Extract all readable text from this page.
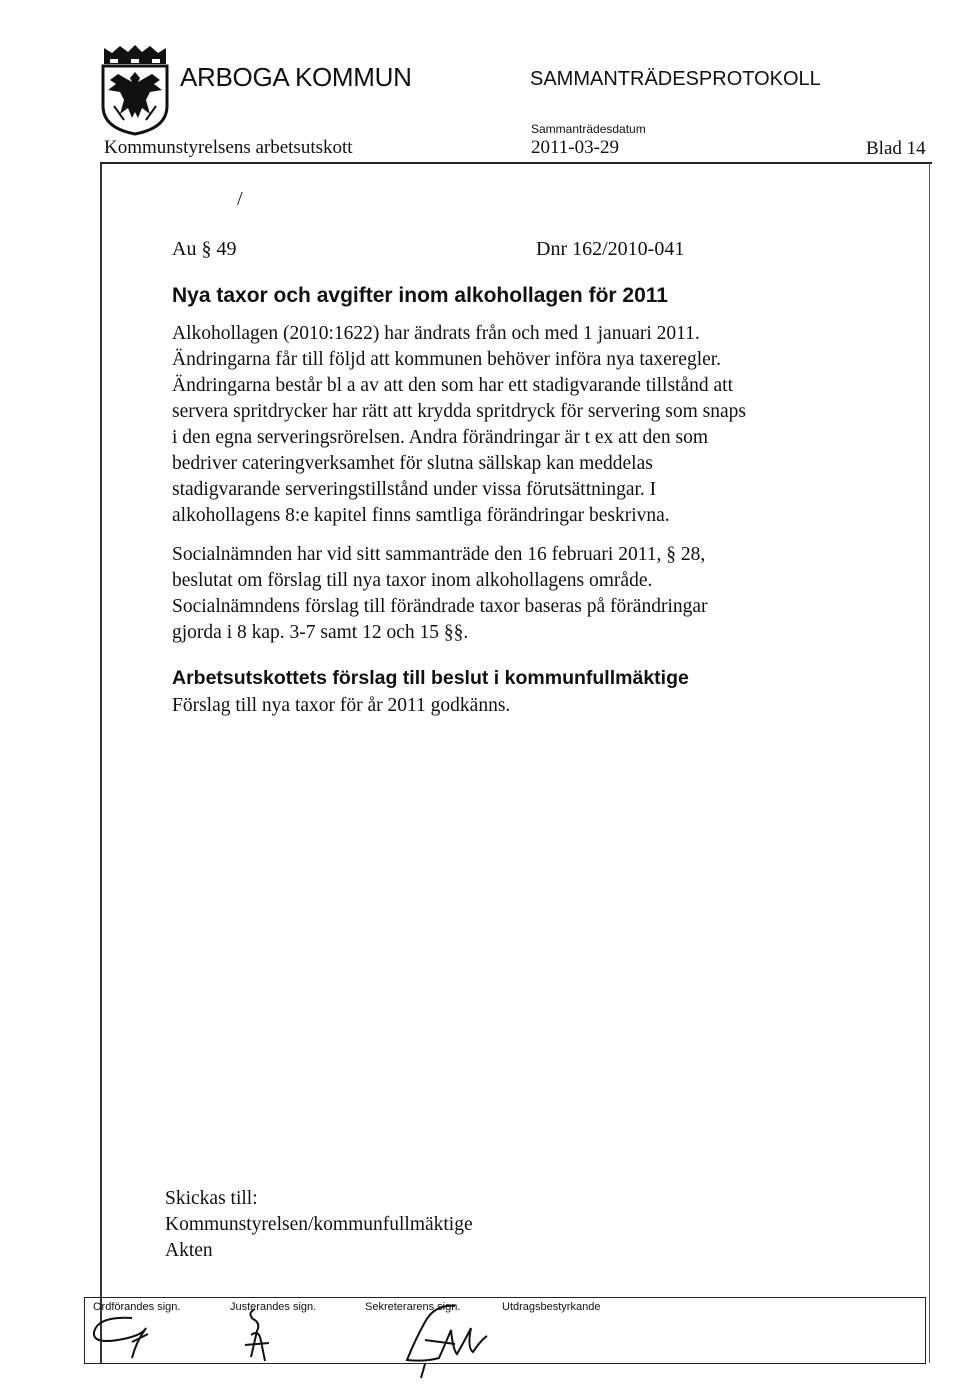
ARBOGA KOMMUN	SAMMANTRÄDESPROTOKOLL
Sammanträdesdatum
Kommunstyrelsens arbetsutskott	2011-03-29	Blad 14
/
Au § 49	Dnr 162/2010-041
Nya taxor och avgifter inom alkohollagen för 2011
Alkohollagen (2010:1622) har ändrats från och med 1 januari 2011.
Ändringarna får till följd att kommunen behöver införa nya taxeregler.
Ändringarna består bl a av att den som har ett stadigvarande tillstånd att
servera spritdrycker har rätt att krydda spritdryck för servering som snaps
i den egna serveringsrörelsen. Andra förändringar är t ex att den som
bedriver cateringverksamhet för slutna sällskap kan meddelas
stadigvarande serveringstillstånd under vissa förutsättningar. I
alkohollagens 8:e kapitel finns samtliga förändringar beskrivna.
Socialnämnden har vid sitt sammanträde den 16 februari 2011, § 28,
beslutat om förslag till nya taxor inom alkohollagens område.
Socialnämndens förslag till förändrade taxor baseras på förändringar
gjorda i 8 kap. 3-7 samt 12 och 15 §§.
Arbetsutskottets förslag till beslut i kommunfullmäktige
Förslag till nya taxor för år 2011 godkänns.
Skickas till:
Kommunstyrelsen/kommunfullmäktige
Akten
Ordförandes sign.	Justerandes sign.	Sekreterarens sign.	Utdragsbestyrkande
